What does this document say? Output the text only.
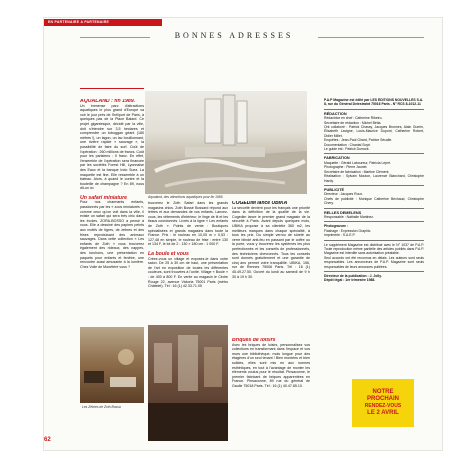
EN PARTENAIRE A PARTENAIRE
BONNES ADRESSES

AQUALAND : fin 1989.

Un immense parc d'attractions aquatiques le plus grand d'Europe va voir le jour près de l'héliport de Paris, à quelques pas de la Place Balard. Ce projet gigantesque, décidé par la ville, doit s'étendre sur 3,5 hectares et comprendre un toboggan géant (180 mètres !), un lagon, un lac bouillonnant, une rivière rapide « sauvage », la possibilité de faire du surf. Coût de l'opération : 260 millions de francs. Coût pour les parisiens : 0 franc. En effet, l'ensemble de l'opération sera financée par les sociétés Forest Hill, Lyonnaise des Eaux et la banque Indo Suez. La maquette est fine. Elle ressemble à un bateau. Alors, à quand le contre et la bouteille de champagne ? En 89, nous dit-on ici.

Un safari miniature

Pour nos charmants enfants, passionnés par les « zoos miniaturés », comme ceux qu'on voit dans la ville, il existe un safari qui sera très chic dans les écoles. ZORA-BOSSO a pensé à vous. Elle a dessiné des papiers peints aux motifs de tigres, de zèbres et des frises reproduisant des animaux sauvages. Dans cette collection « Les enfants de Zoth » vous trouverez également des rideaux, des nappes, des torchons, une présentation en paquets pour enfants et fenêtre, une rencontre aussi amusante à la lumière. Chez Voile de Monétère vous ?

Aqualand, des attractions aquatiques pour fin 1989.

trouverez le Zoth Safari dans les grands magasins chics. Zoth Bossé Bossard répond aux lettres et aux demandes de vos enfants. Lancez-vous, les vêtements d'intérieur, le linge de lit et les tissus coordonnés. Livrés à la ligne « Les enfants de Zoth ». Points de vente : Boutiques spécialisées et grands magasins dans toute la France. Prix : le rouleau en 10,05 m × 0,53 : 127,48 en simple, le rouleau de frise : entre 130 et 134 F, le lot de 2 : 130 × 180 cm : 1 000 F.

La boule et vous

Créez-vous un village et exposez-le dans votre salon. De 25 à 30 cm de haut, une présentation de l'art en exposition de toutes les différentes couleurs, sont trouvées à l'unité. Village « Boule » : de 400 à 800 F. En vente au magasin le Cèdre Rouge 22, avenue Victoria 75001 Paris (métro Châtelet). Tél : 16 (1) 42.33.71.05

COGEDIM lance UBIKA

La sécurité devient pour les français une priorité dans la définition de la qualité de la vie. Cogedim lance le premier grand magasin de la sécurité à Paris. Avant depuis quelques mois, UBIKA propose à sa clientèle 360 m2, les meilleurs marques dans chaque spécialité, à tous les prix. Du simple verrou de sûreté au verre blindé anti-feu en passant par le coffre ou la porte, vous y trouverez les systèmes les plus perfectionnés et les conseils de professionnels, des techniciens chevronnés. Tous les conseils sont donnés gratuitement et une garantie de cinq ans permet votre tranquillité. UBIKA, 156, rue de Rennes 75006 Paris. Tél : 16 (1) 45.49.27.50. Ouvert du lundi au samedi de 9 h 30 à 19 h 30.

Briques de loisirs

Avec les briques de loisirs, personnalisez vos collections en transformant dans l'espace et vos murs une bibliothèque, mois longue pour des étagères d'un seul tenant ! Bien montées et bien solides, elles sont mis en aux normes esthétiques, en tout à l'avantage de monter les éléments voulus pour le résultat. Pinsaconne, le premier fabricant de briques apparentées en France. Pinsaconne, 89 rue du général de Gaulle 75018 Paris. Tél : 16 (1) 40.47.85.10.

Les Zébres de Zoth Bossa

P.A.P Magazine est édité par LES ÉDITIONS NOUVELLES S.A. 8, rue du Général Delestraint 75016 Paris - N° RCS 8-1012-11

RÉDACTION

Rédactrice en chef : Catherine Ribeiro.

Secrétaire de rédaction : Michel Bétia.

Ont collaboré : Patrick Chassy, Jacques Bronnes, Alain Guerin, Élisabeth Lavigne, Louis-Maurice Dupont, Catherine Robert, Didier Millet.

Enquêtes : Jean-Paul Girard, Patrice Sécalle.

Documentation : Chantal Soyé.

Le guide est : Patrick Dumont.

FABRICATION

Maquette : Gérald Laboureur, Patricia Lepré.

Photographe : Pierre Jaunet.

Secrétaire de fabrication : Martine Clément.

Réalisation : Sylvain Mouton, Laurence Blanchard, Christophe Hardy.

PUBLICITÉ

Directeur : Jacques Roux.

Chefs de publicité : Monique Catherine Béchaud, Christophe Chery.

RELLES DEMELENS

Responsable : Nathalie Martinez.

Photogravure :

Flashage : Expression Graphic.

Imprimerie : S.A.E.P.

Le supplément Magazine est distribué avec le N° 1037 de P.A.P. Toute reproduction même partielle des articles publiés dans P.A.P. Magazine est interdite sans autorisation préalable.

Seul accords ont été reconnus en délais. Les auteurs sont seuls responsables. Les annonceurs de P.A.P. Magazine sont seuls responsables de leurs annonces publiées.

Directeur de la publication : J. Jolly.

Dépôt légal : 1er trimestre 1988.

NOTRE
PROCHAIN
RENDEZ-VOUS
LE 2 AVRIL
62
